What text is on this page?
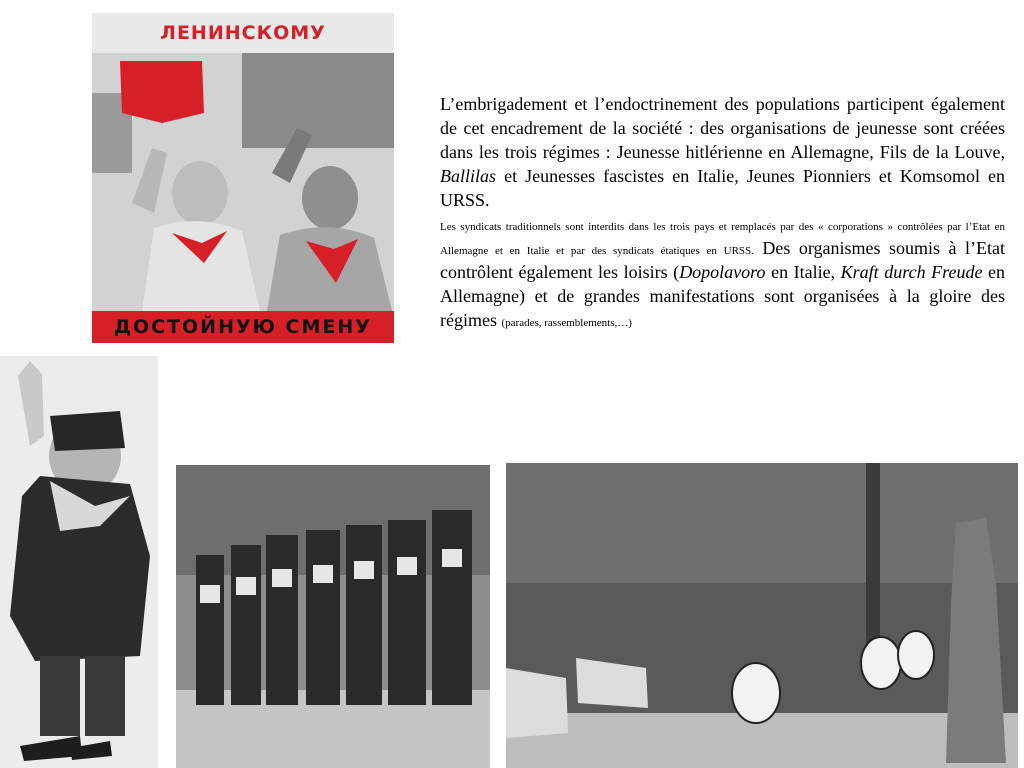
ЛЕНИНСКОМУ
ДОСТОЙНУЮ СМЕНУ

L’embrigadement et l’endoctrinement des populations participent également de cet encadrement de la société : des organisations de jeunesse sont créées dans les trois régimes : Jeunesse hitlérienne en Allemagne, Fils de la Louve, Ballilas et Jeunesses fascistes en Italie, Jeunes Pionniers et Komsomol en URSS.

Les syndicats traditionnels sont interdits dans les trois pays et remplacés par des « corporations » contrôlées par l’Etat en Allemagne et en Italie et par des syndicats étatiques en URSS. Des organismes soumis à l’Etat contrôlent également les loisirs (Dopolavoro en Italie, Kraft durch Freude en Allemagne) et de grandes manifestations sont organisées à la gloire des régimes (parades, rassemblements,…)
